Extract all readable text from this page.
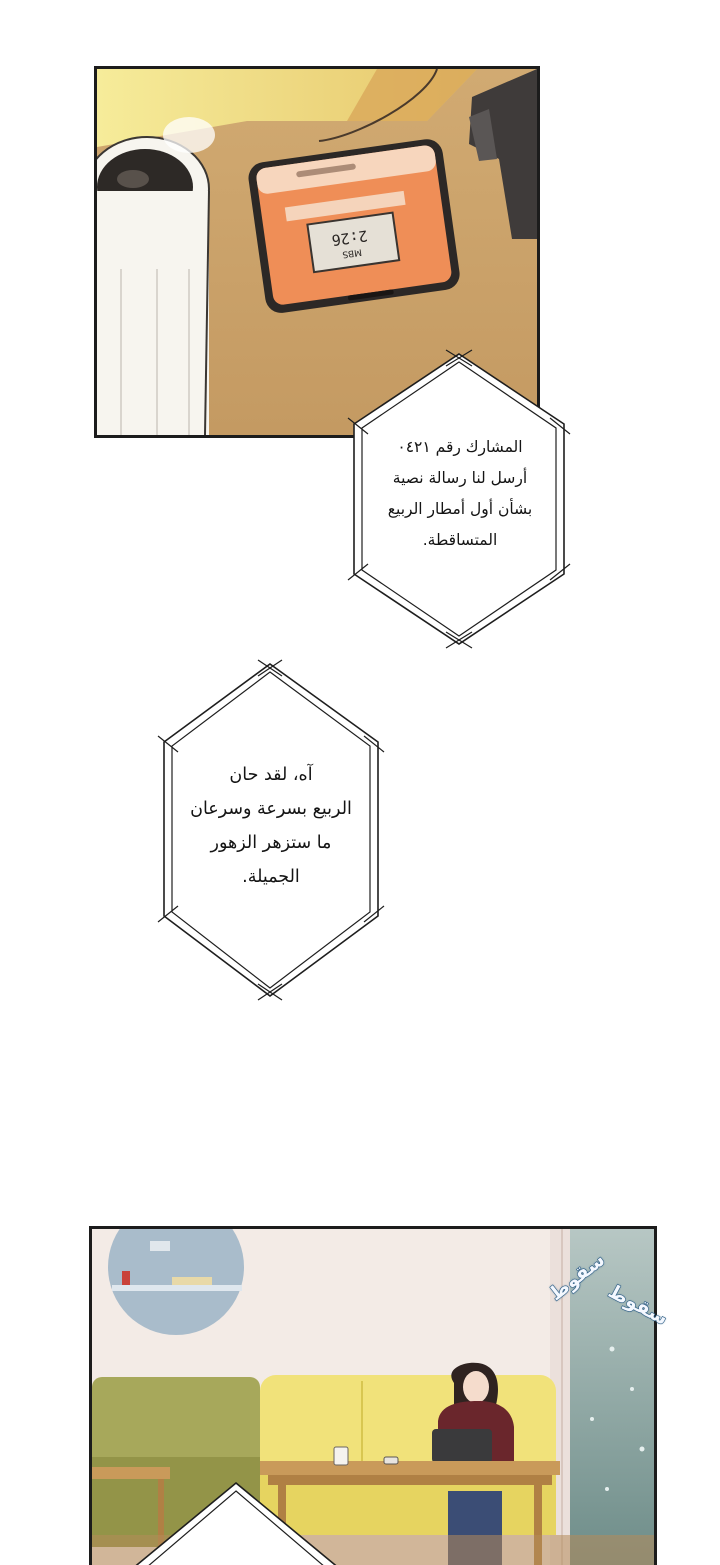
2:26
MBS
المشارك رقم ٠٤٢١
أرسل لنا رسالة نصية
بشأن أول أمطار الربيع
المتساقطة.
آه، لقد حان
الربيع بسرعة وسرعان
ما ستزهر الزهور
الجميلة.
سقوط
سقوط
